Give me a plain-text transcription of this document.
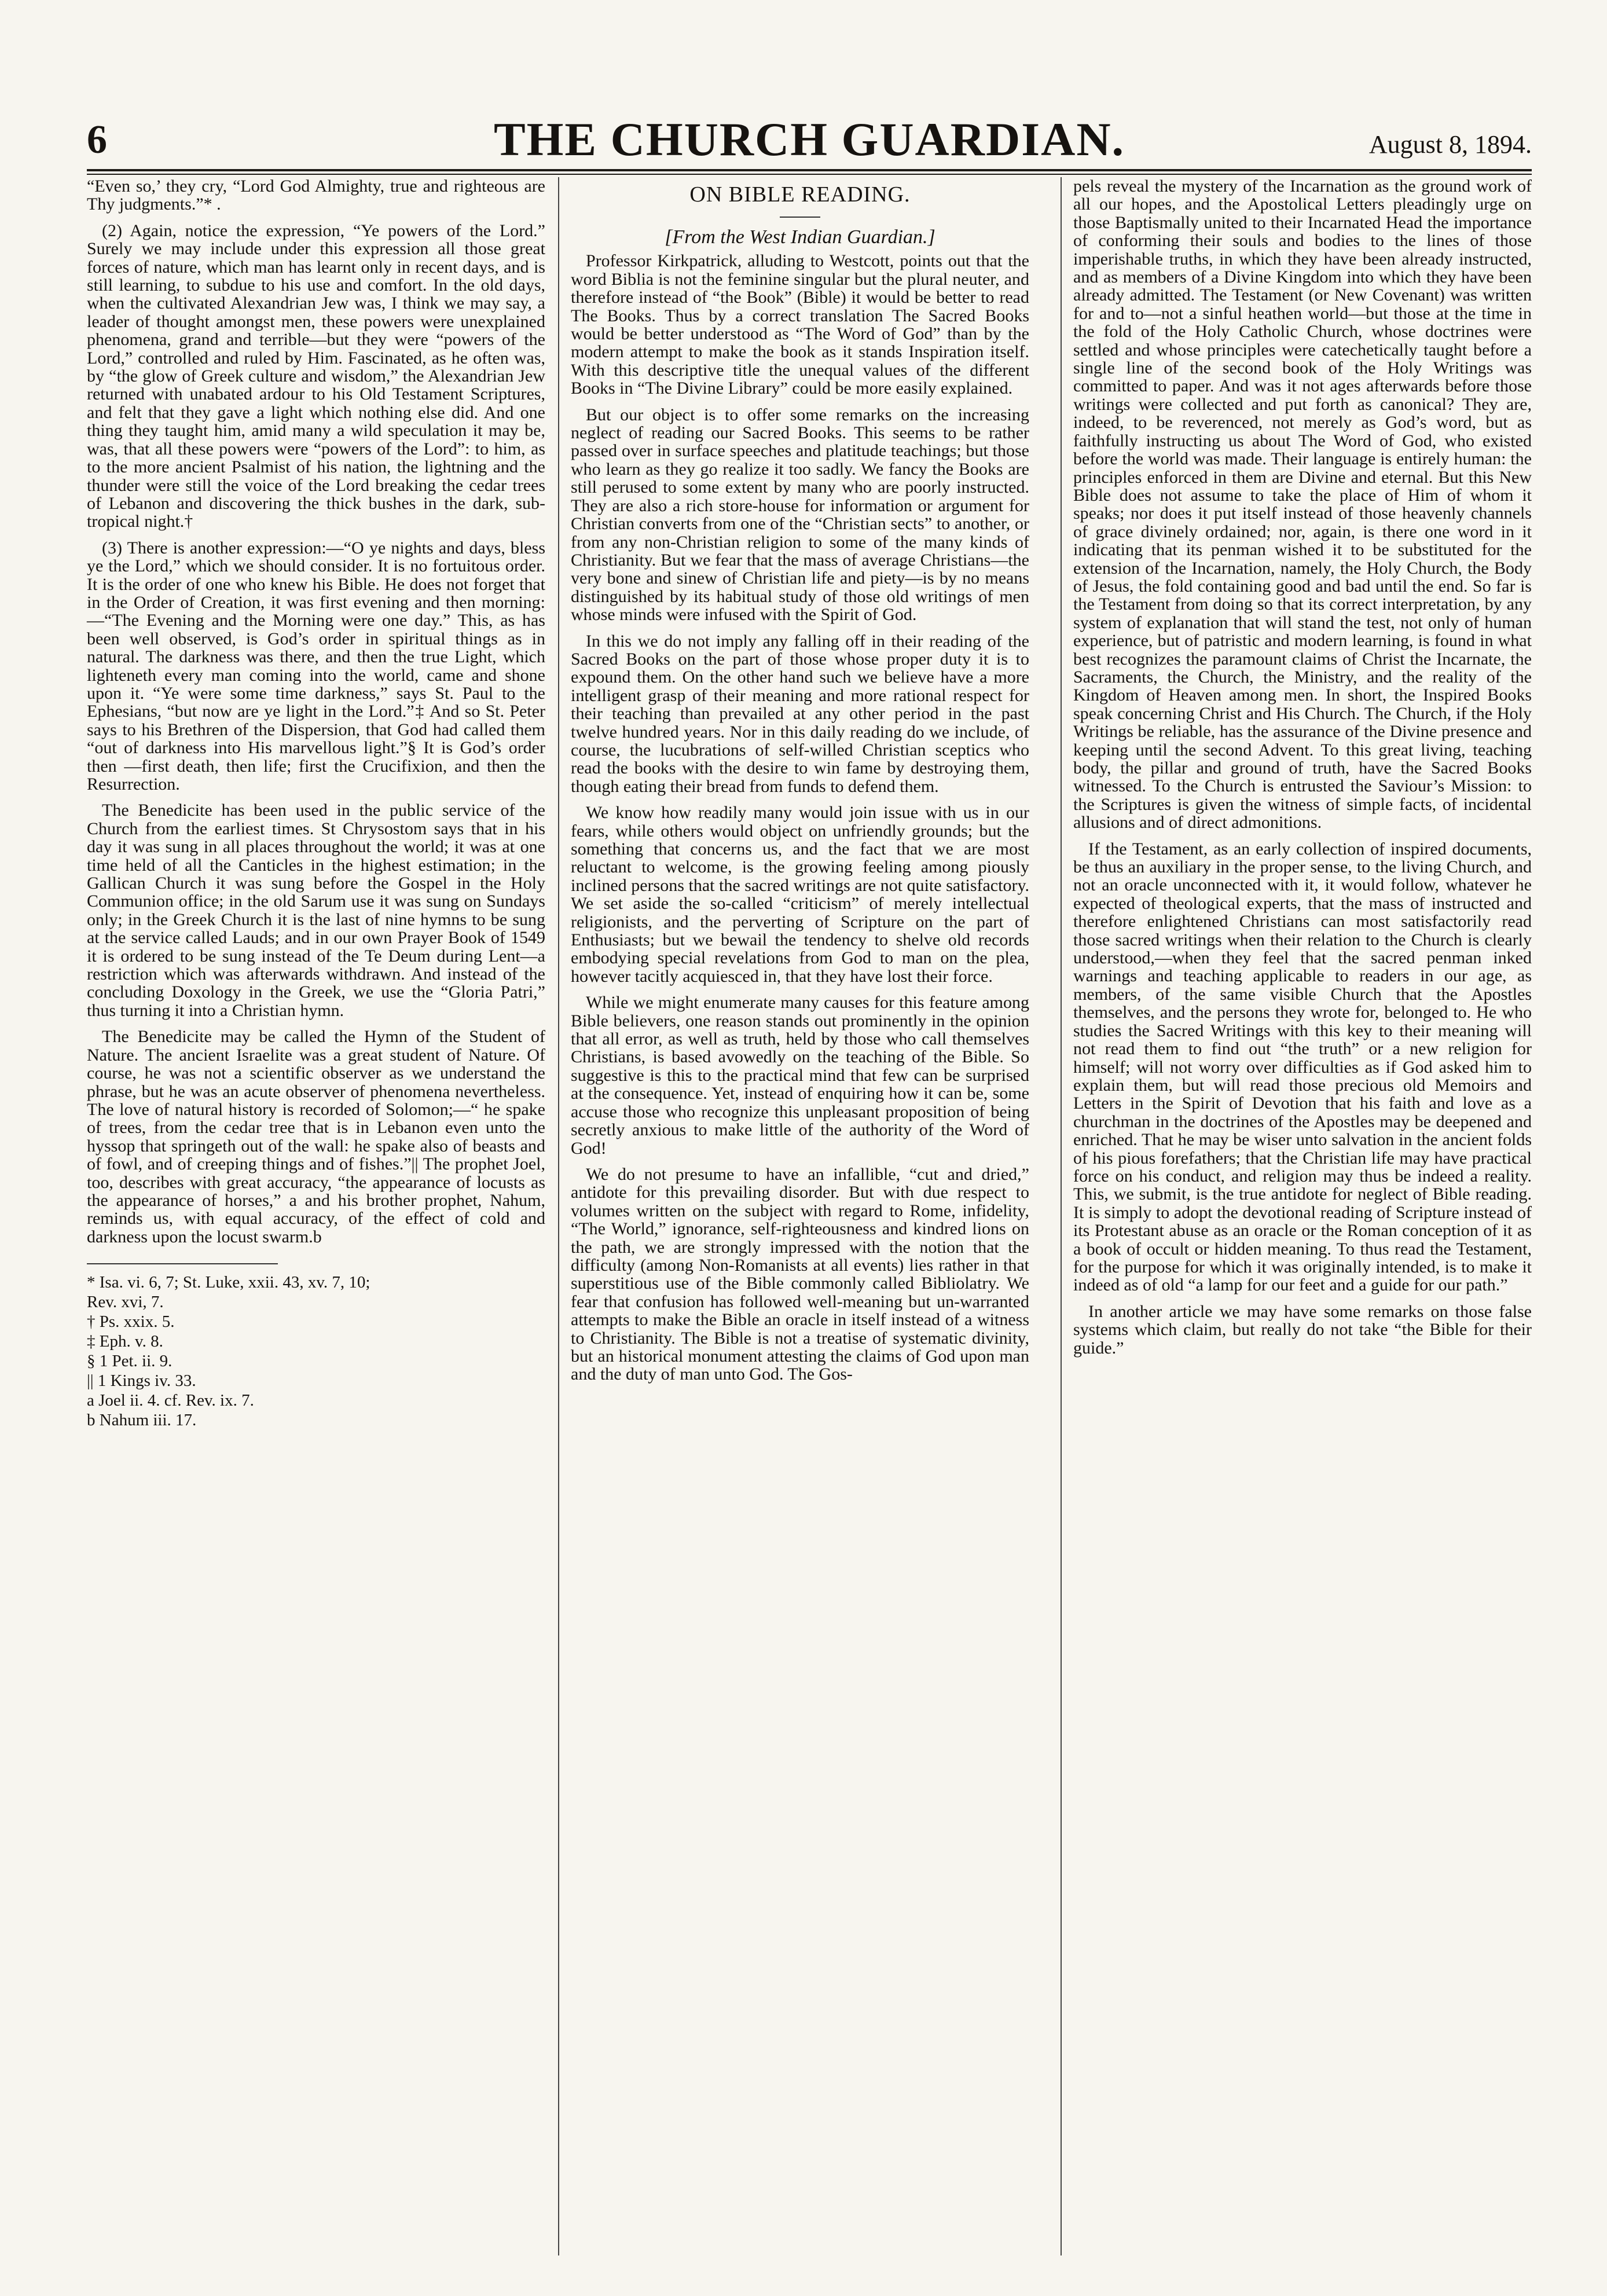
6	THE CHURCH GUARDIAN.	August 8, 1894.

“Even so,’ they cry, “Lord God Almighty, true and righteous are Thy judgments.”* .

(2) Again, notice the expression, “Ye powers of the Lord.” Surely we may include under this expression all those great forces of nature, which man has learnt only in recent days, and is still learning, to subdue to his use and comfort. In the old days, when the cultivated Alexandrian Jew was, I think we may say, a leader of thought amongst men, these powers were unexplained phenomena, grand and terrible—but they were “powers of the Lord,” controlled and ruled by Him. Fascinated, as he often was, by “the glow of Greek culture and wisdom,” the Alexandrian Jew returned with unabated ardour to his Old Testament Scriptures, and felt that they gave a light which nothing else did. And one thing they taught him, amid many a wild speculation it may be, was, that all these powers were “powers of the Lord”: to him, as to the more ancient Psalmist of his nation, the lightning and the thunder were still the voice of the Lord breaking the cedar trees of Lebanon and discovering the thick bushes in the dark, sub-tropical night.†

(3) There is another expression:—“O ye nights and days, bless ye the Lord,” which we should consider. It is no fortuitous order. It is the order of one who knew his Bible. He does not forget that in the Order of Creation, it was first evening and then morning:—“The Evening and the Morning were one day.” This, as has been well observed, is God’s order in spiritual things as in natural. The darkness was there, and then the true Light, which lighteneth every man coming into the world, came and shone upon it. “Ye were some time darkness,” says St. Paul to the Ephesians, “but now are ye light in the Lord.”‡ And so St. Peter says to his Brethren of the Dispersion, that God had called them “out of darkness into His marvellous light.”§ It is God’s order then —first death, then life; first the Crucifixion, and then the Resurrection.

The Benedicite has been used in the public service of the Church from the earliest times. St Chrysostom says that in his day it was sung in all places throughout the world; it was at one time held of all the Canticles in the highest estimation; in the Gallican Church it was sung before the Gospel in the Holy Communion office; in the old Sarum use it was sung on Sundays only; in the Greek Church it is the last of nine hymns to be sung at the service called Lauds; and in our own Prayer Book of 1549 it is ordered to be sung instead of the Te Deum during Lent—a restriction which was afterwards withdrawn. And instead of the concluding Doxology in the Greek, we use the “Gloria Patri,” thus turning it into a Christian hymn.

The Benedicite may be called the Hymn of the Student of Nature. The ancient Israelite was a great student of Nature. Of course, he was not a scientific observer as we understand the phrase, but he was an acute observer of phenomena nevertheless. The love of natural history is recorded of Solomon;—“ he spake of trees, from the cedar tree that is in Lebanon even unto the hyssop that springeth out of the wall: he spake also of beasts and of fowl, and of creeping things and of fishes.”|| The prophet Joel, too, describes with great accuracy, “the appearance of locusts as the appearance of horses,” a and his brother prophet, Nahum, reminds us, with equal accuracy, of the effect of cold and darkness upon the locust swarm.b

* Isa. vi. 6, 7; St. Luke, xxii. 43, xv. 7, 10;
Rev. xvi, 7.
† Ps. xxix. 5.
‡ Eph. v. 8.
§ 1 Pet. ii. 9.
|| 1 Kings iv. 33.
a Joel ii. 4. cf. Rev. ix. 7.
b Nahum iii. 17.
ON BIBLE READING.

[From the West Indian Guardian.]

Professor Kirkpatrick, alluding to Westcott, points out that the word Biblia is not the feminine singular but the plural neuter, and therefore instead of “the Book” (Bible) it would be better to read The Books. Thus by a correct translation The Sacred Books would be better understood as “The Word of God” than by the modern attempt to make the book as it stands Inspiration itself. With this descriptive title the unequal values of the different Books in “The Divine Library” could be more easily explained.

But our object is to offer some remarks on the increasing neglect of reading our Sacred Books. This seems to be rather passed over in surface speeches and platitude teachings; but those who learn as they go realize it too sadly. We fancy the Books are still perused to some extent by many who are poorly instructed. They are also a rich store-house for information or argument for Christian converts from one of the “Christian sects” to another, or from any non-Christian religion to some of the many kinds of Christianity. But we fear that the mass of average Christians—the very bone and sinew of Christian life and piety—is by no means distinguished by its habitual study of those old writings of men whose minds were infused with the Spirit of God.

In this we do not imply any falling off in their reading of the Sacred Books on the part of those whose proper duty it is to expound them. On the other hand such we believe have a more intelligent grasp of their meaning and more rational respect for their teaching than prevailed at any other period in the past twelve hundred years. Nor in this daily reading do we include, of course, the lucubrations of self-willed Christian sceptics who read the books with the desire to win fame by destroying them, though eating their bread from funds to defend them.

We know how readily many would join issue with us in our fears, while others would object on unfriendly grounds; but the something that concerns us, and the fact that we are most reluctant to welcome, is the growing feeling among piously inclined persons that the sacred writings are not quite satisfactory. We set aside the so-called “criticism” of merely intellectual religionists, and the perverting of Scripture on the part of Enthusiasts; but we bewail the tendency to shelve old records embodying special revelations from God to man on the plea, however tacitly acquiesced in, that they have lost their force.

While we might enumerate many causes for this feature among Bible believers, one reason stands out prominently in the opinion that all error, as well as truth, held by those who call themselves Christians, is based avowedly on the teaching of the Bible. So suggestive is this to the practical mind that few can be surprised at the consequence. Yet, instead of enquiring how it can be, some accuse those who recognize this unpleasant proposition of being secretly anxious to make little of the authority of the Word of God!

We do not presume to have an infallible, “cut and dried,” antidote for this prevailing disorder. But with due respect to volumes written on the subject with regard to Rome, infidelity, “The World,” ignorance, self-righteousness and kindred lions on the path, we are strongly impressed with the notion that the difficulty (among Non-Romanists at all events) lies rather in that superstitious use of the Bible commonly called Bibliolatry. We fear that confusion has followed well-meaning but un-warranted attempts to make the Bible an oracle in itself instead of a witness to Christianity. The Bible is not a treatise of systematic divinity, but an historical monument attesting the claims of God upon man and the duty of man unto God. The Gos-

pels reveal the mystery of the Incarnation as the ground work of all our hopes, and the Apostolical Letters pleadingly urge on those Baptismally united to their Incarnated Head the importance of conforming their souls and bodies to the lines of those imperishable truths, in which they have been already instructed, and as members of a Divine Kingdom into which they have been already admitted. The Testament (or New Covenant) was written for and to—not a sinful heathen world—but those at the time in the fold of the Holy Catholic Church, whose doctrines were settled and whose principles were catechetically taught before a single line of the second book of the Holy Writings was committed to paper. And was it not ages afterwards before those writings were collected and put forth as canonical? They are, indeed, to be reverenced, not merely as God’s word, but as faithfully instructing us about The Word of God, who existed before the world was made. Their language is entirely human: the principles enforced in them are Divine and eternal. But this New Bible does not assume to take the place of Him of whom it speaks; nor does it put itself instead of those heavenly channels of grace divinely ordained; nor, again, is there one word in it indicating that its penman wished it to be substituted for the extension of the Incarnation, namely, the Holy Church, the Body of Jesus, the fold containing good and bad until the end. So far is the Testament from doing so that its correct interpretation, by any system of explanation that will stand the test, not only of human experience, but of patristic and modern learning, is found in what best recognizes the paramount claims of Christ the Incarnate, the Sacraments, the Church, the Ministry, and the reality of the Kingdom of Heaven among men. In short, the Inspired Books speak concerning Christ and His Church. The Church, if the Holy Writings be reliable, has the assurance of the Divine presence and keeping until the second Advent. To this great living, teaching body, the pillar and ground of truth, have the Sacred Books witnessed. To the Church is entrusted the Saviour’s Mission: to the Scriptures is given the witness of simple facts, of incidental allusions and of direct admonitions.

If the Testament, as an early collection of inspired documents, be thus an auxiliary in the proper sense, to the living Church, and not an oracle unconnected with it, it would follow, whatever he expected of theological experts, that the mass of instructed and therefore enlightened Christians can most satisfactorily read those sacred writings when their relation to the Church is clearly understood,—when they feel that the sacred penman inked warnings and teaching applicable to readers in our age, as members, of the same visible Church that the Apostles themselves, and the persons they wrote for, belonged to. He who studies the Sacred Writings with this key to their meaning will not read them to find out “the truth” or a new religion for himself; will not worry over difficulties as if God asked him to explain them, but will read those precious old Memoirs and Letters in the Spirit of Devotion that his faith and love as a churchman in the doctrines of the Apostles may be deepened and enriched. That he may be wiser unto salvation in the ancient folds of his pious forefathers; that the Christian life may have practical force on his conduct, and religion may thus be indeed a reality. This, we submit, is the true antidote for neglect of Bible reading. It is simply to adopt the devotional reading of Scripture instead of its Protestant abuse as an oracle or the Roman conception of it as a book of occult or hidden meaning. To thus read the Testament, for the purpose for which it was originally intended, is to make it indeed as of old “a lamp for our feet and a guide for our path.”

In another article we may have some remarks on those false systems which claim, but really do not take “the Bible for their guide.”
